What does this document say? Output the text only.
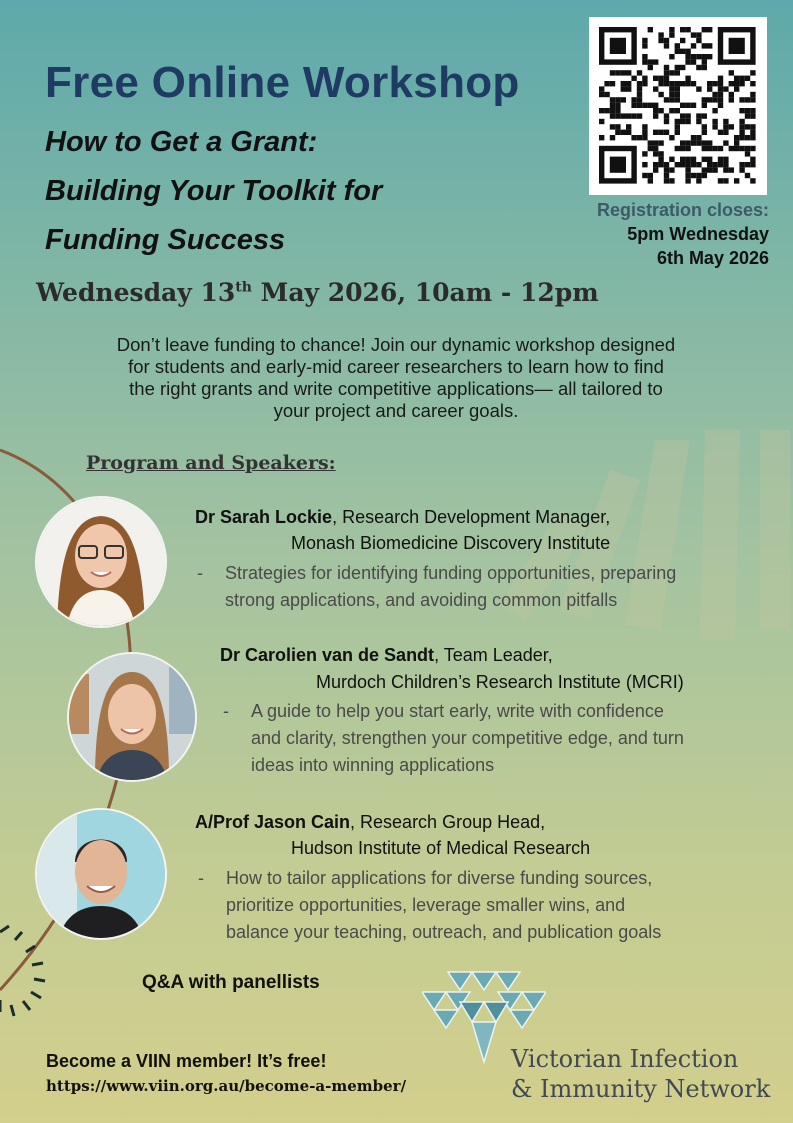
Free Online Workshop
How to Get a Grant:
Building Your Toolkit for
Funding Success
Registration closes:
5pm Wednesday
6th May 2026
Wednesday 13th May 2026, 10am - 12pm
Don’t leave funding to chance! Join our dynamic workshop designed
for students and early-mid career researchers to learn how to find
the right grants and write competitive applications— all tailored to
your project and career goals.
Program and Speakers:
Dr Sarah Lockie, Research Development Manager,
Monash Biomedicine Discovery Institute
- Strategies for identifying funding opportunities, preparing
strong applications, and avoiding common pitfalls
Dr Carolien van de Sandt, Team Leader,
Murdoch Children’s Research Institute (MCRI)
- A guide to help you start early, write with confidence
and clarity, strengthen your competitive edge, and turn
ideas into winning applications
A/Prof Jason Cain, Research Group Head,
Hudson Institute of Medical Research
- How to tailor applications for diverse funding sources,
prioritize opportunities, leverage smaller wins, and
balance your teaching, outreach, and publication goals
Q&A with panellists
Become a VIIN member! It’s free!
https://www.viin.org.au/become-a-member/
Victorian Infection
& Immunity Network
